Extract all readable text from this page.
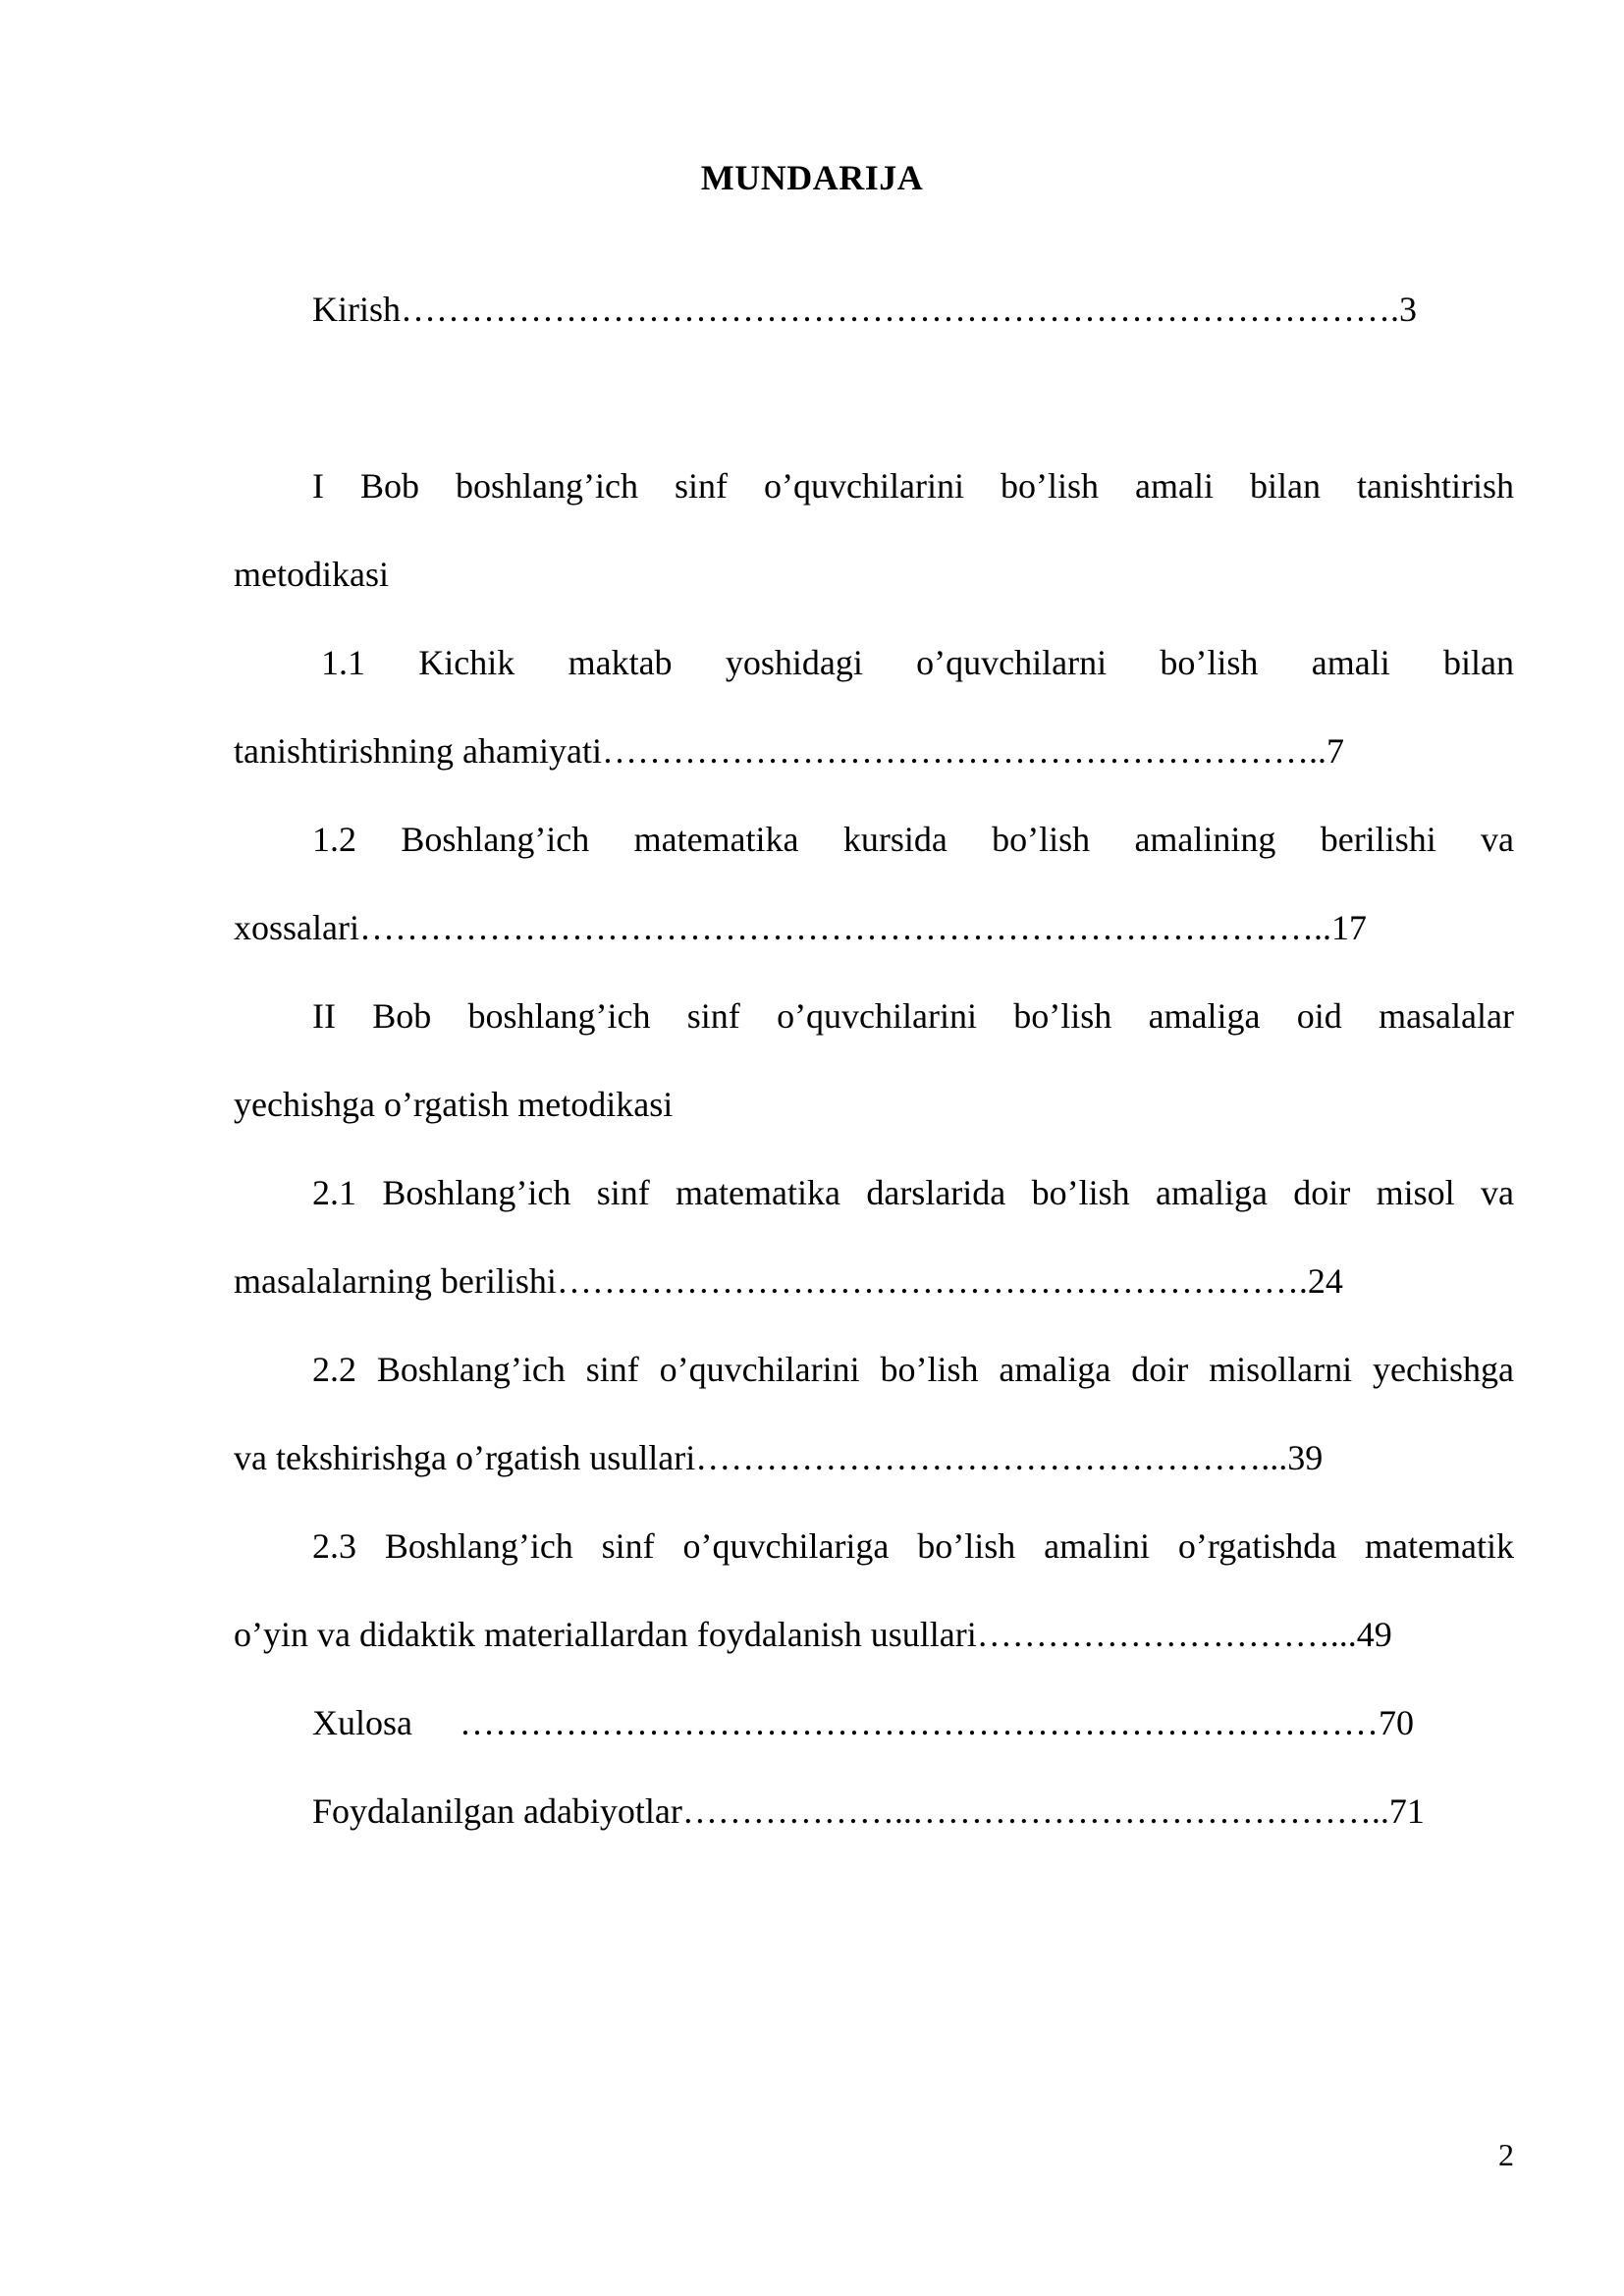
MUNDARIJA
Kirish………………………………………………………………………….3
I Bob boshlang’ich sinf o’quvchilarini bo’lish amali bilan tanishtirish
metodikasi
1.1 Kichik maktab yoshidagi o’quvchilarni bo’lish amali bilan
tanishtirishning ahamiyati……………………………………………………..7
1.2 Boshlang’ich matematika kursida bo’lish amalining berilishi va
xossalari………………………………………………………………………..17
II Bob boshlang’ich sinf o’quvchilarini bo’lish amaliga oid masalalar
yechishga o’rgatish metodikasi
2.1 Boshlang’ich sinf matematika darslarida bo’lish amaliga doir misol va
masalalarning berilishi……………………………………………………….24
2.2 Boshlang’ich sinf o’quvchilarini bo’lish amaliga doir misollarni yechishga
va tekshirishga o’rgatish usullari…………………………………………...39
2.3 Boshlang’ich sinf o’quvchilariga bo’lish amalini o’rgatishda matematik
o’yin va didaktik materiallardan foydalanish usullari…………………………...49
Xulosa ……………………………………………………………………70
Foydalanilgan adabiyotlar………………..…………………………………..71
2
